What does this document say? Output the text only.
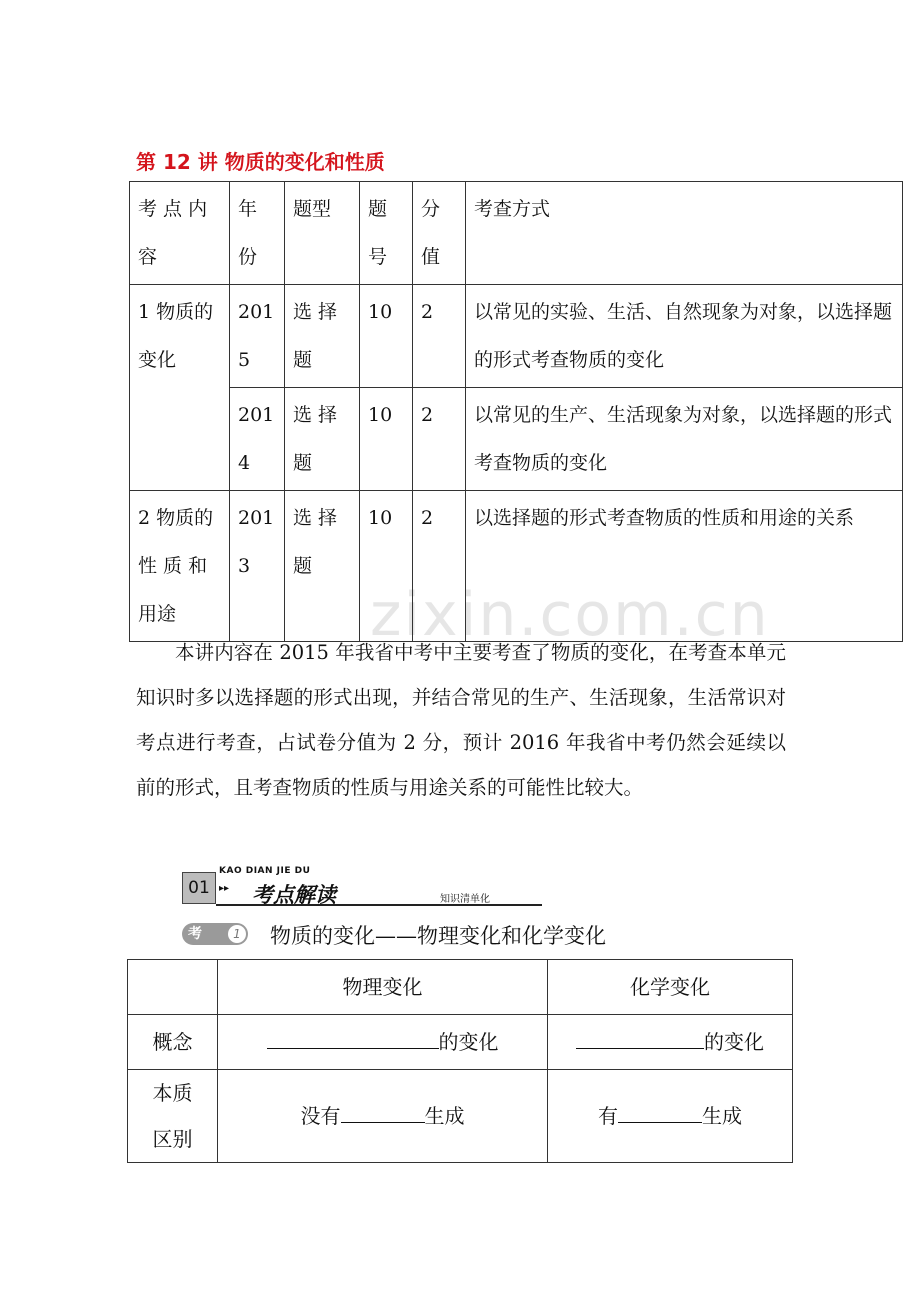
zixin.com.cn
第 12 讲 物质的变化和性质
考 点 内 容	年 份	题型	题 号	分 值	考查方式
1 物质的变化	2015	选 择 题	10	2	以常见的实验、生活、自然现象为对象，以选择题的形式考查物质的变化
	2014	选 择 题	10	2	以常见的生产、生活现象为对象，以选择题的形式考查物质的变化
2 物质的性 质 和用途	2013	选 择 题	10	2	以选择题的形式考查物质的性质和用途的关系

本讲内容在 2015 年我省中考中主要考查了物质的变化，在考查本单元知识时多以选择题的形式出现，并结合常见的生产、生活现象，生活常识对考点进行考查，占试卷分值为 2 分，预计 2016 年我省中考仍然会延续以前的形式，且考查物质的性质与用途关系的可能性比较大。

01
KAO DIAN JIE DU
▸▸ 考点解读	知识清单化
考点
1 物质的变化——物理变化和化学变化
	物理变化	化学变化
概念	的变化	的变化
本质区别	没有 生成	有 生成
